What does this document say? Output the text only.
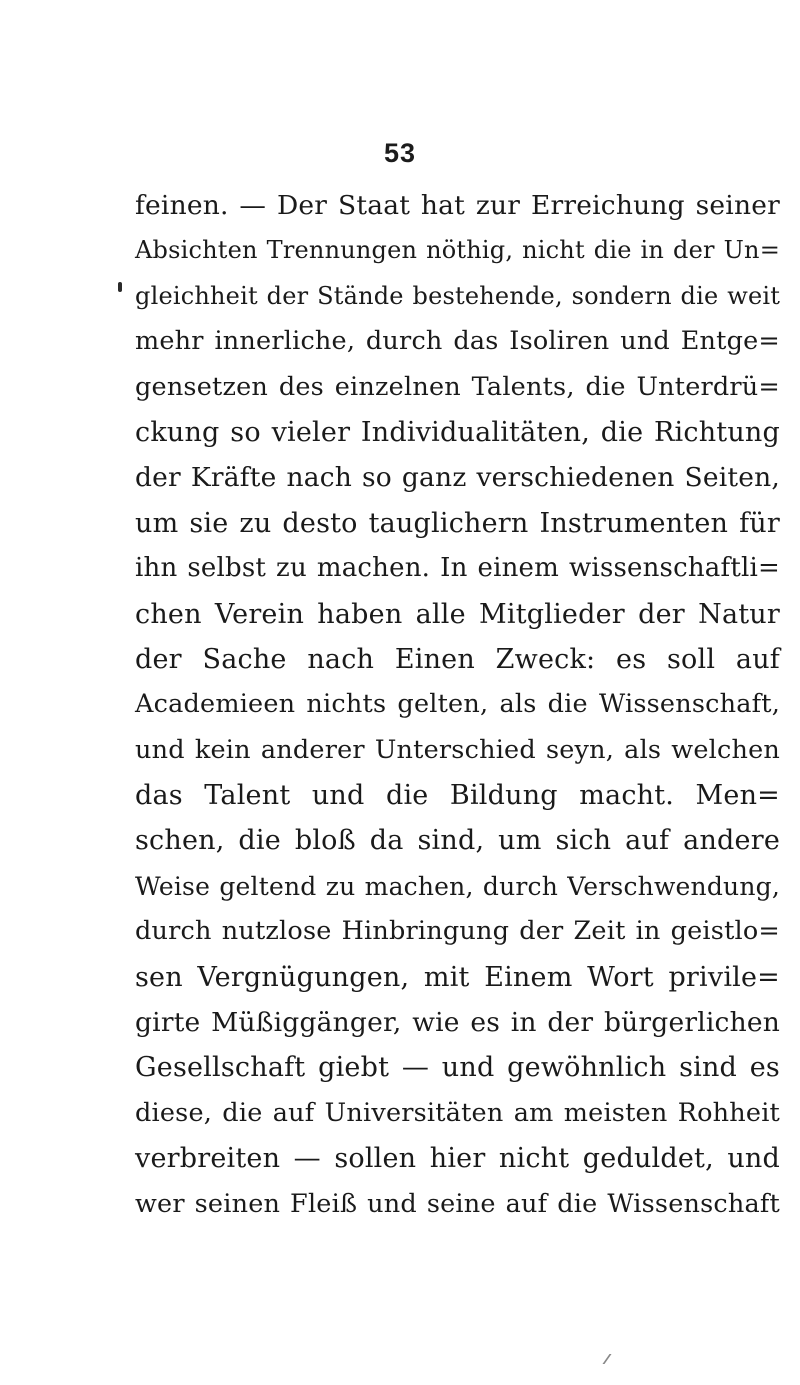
53
feinen. — Der Staat hat zur Erreichung seiner
Absichten Trennungen nöthig, nicht die in der Un=
gleichheit der Stände bestehende, sondern die weit
mehr innerliche, durch das Isoliren und Entge=
gensetzen des einzelnen Talents, die Unterdrü=
ckung so vieler Individualitäten, die Richtung
der Kräfte nach so ganz verschiedenen Seiten,
um sie zu desto tauglichern Instrumenten für
ihn selbst zu machen. In einem wissenschaftli=
chen Verein haben alle Mitglieder der Natur
der Sache nach Einen Zweck: es soll auf
Academieen nichts gelten, als die Wissenschaft,
und kein anderer Unterschied seyn, als welchen
das Talent und die Bildung macht. Men=
schen, die bloß da sind, um sich auf andere
Weise geltend zu machen, durch Verschwendung,
durch nutzlose Hinbringung der Zeit in geistlo=
sen Vergnügungen, mit Einem Wort privile=
girte Müßiggänger, wie es in der bürgerlichen
Gesellschaft giebt — und gewöhnlich sind es
diese, die auf Universitäten am meisten Rohheit
verbreiten — sollen hier nicht geduldet, und
wer seinen Fleiß und seine auf die Wissenschaft
